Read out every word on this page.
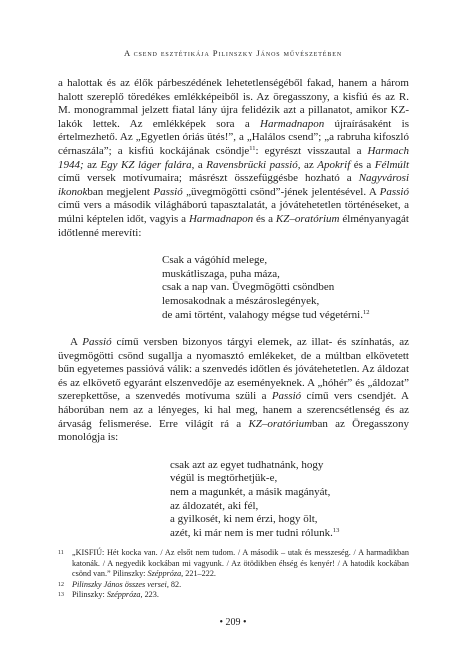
A csend esztétikája Pilinszky János művészetében

a halottak és az élők párbeszédének lehetetlenségéből fakad, hanem a három halott szereplő töredékes emlékképeiből is. Az öregasszony, a kisfiú és az R. M. monogrammal jelzett fiatal lány újra felidézik azt a pillanatot, amikor KZ-lakók lettek. Az emlékképek sora a Harmadnapon újraírásaként is értelmezhető. Az „Egyetlen óriás ütés!”, a „Halálos csend”; „a rabruha kifoszló cérnaszála”; a kisfiú kockájának csöndje$^{11}$: egyrészt visszautal a Harmach 1944; az Egy KZ láger falára, a Ravensbrücki passió, az Apokrif és a Félmúlt című versek motívumaira; másrészt összefüggésbe hozható a Nagyvárosi ikonokban megjelent Passió „üvegmögötti csönd”-jének jelentésével. A Passió című vers a második világháború tapasztalatát, a jóvátehetetlen történéseket, a múlni képtelen időt, vagyis a Harmadnapon és a KZ–oratórium élményanyagát időtlenné merevíti:

Csak a vágóhíd melege,
muskátliszaga, puha máza,
csak a nap van. Üvegmögötti csöndben
lemosakodnak a mészároslegények,
de ami történt, valahogy mégse tud végetérni.$^{12}$

A Passió című versben bizonyos tárgyi elemek, az illat- és színhatás, az üvegmögötti csönd sugallja a nyomasztó emlékeket, de a múltban elkövetett bűn egyetemes passióvá válik: a szenvedés időtlen és jóvátehetetlen. Az áldozat és az elkövető egyaránt elszenvedője az eseményeknek. A „hóhér” és „áldozat” szerepkettőse, a szenvedés motívuma szüli a Passió című vers csendjét. A háborúban nem az a lényeges, ki hal meg, hanem a szerencsétlenség és az árvaság felismerése. Erre világít rá a KZ–oratóriumban az Öregasszony monológja is:

csak azt az egyet tudhatnánk, hogy
végül is megtörhetjük-e,
nem a magunkét, a másik magányát,
az áldozatét, aki fél,
a gyilkosét, ki nem érzi, hogy ölt,
azét, ki már nem is mer tudni rólunk.$^{13}$
11 „KISFIÚ: Hét kocka van. / Az elsőt nem tudom. / A második – utak és messzeség. / A harmadikban katonák. / A negyedik kockában mi vagyunk. / Az ötödikben éhség és kenyér! / A hatodik kockában csönd van.” Pilinszky: Széppróza, 221–222.
12 Pilinszky János összes versei, 82.
13 Pilinszky: Széppróza, 223.
• 209 •
